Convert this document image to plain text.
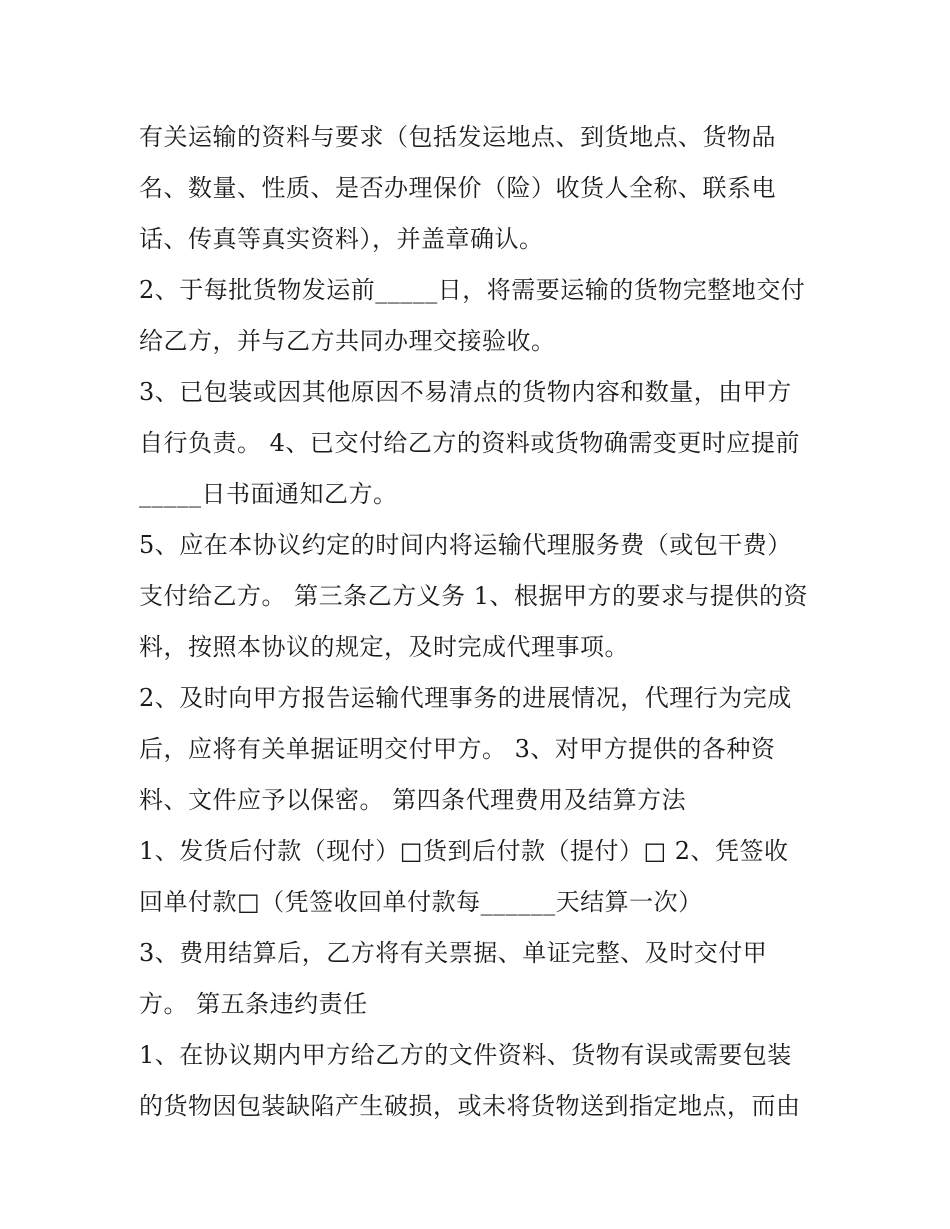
有关运输的资料与要求（包括发运地点、到货地点、货物品
名、数量、性质、是否办理保价（险）收货人全称、联系电
话、传真等真实资料），并盖章确认。
2、于每批货物发运前_____日，将需要运输的货物完整地交付
给乙方，并与乙方共同办理交接验收。
3、已包装或因其他原因不易清点的货物内容和数量，由甲方
自行负责。 4、已交付给乙方的资料或货物确需变更时应提前
_____日书面通知乙方。
5、应在本协议约定的时间内将运输代理服务费（或包干费）
支付给乙方。 第三条乙方义务 1、根据甲方的要求与提供的资
料，按照本协议的规定，及时完成代理事项。
2、及时向甲方报告运输代理事务的进展情况，代理行为完成
后，应将有关单据证明交付甲方。 3、对甲方提供的各种资
料、文件应予以保密。 第四条代理费用及结算方法
1、发货后付款（现付）□货到后付款（提付）□ 2、凭签收
回单付款□（凭签收回单付款每______天结算一次）
3、费用结算后，乙方将有关票据、单证完整、及时交付甲
方。 第五条违约责任
1、在协议期内甲方给乙方的文件资料、货物有误或需要包装
的货物因包装缺陷产生破损，或未将货物送到指定地点，而由
